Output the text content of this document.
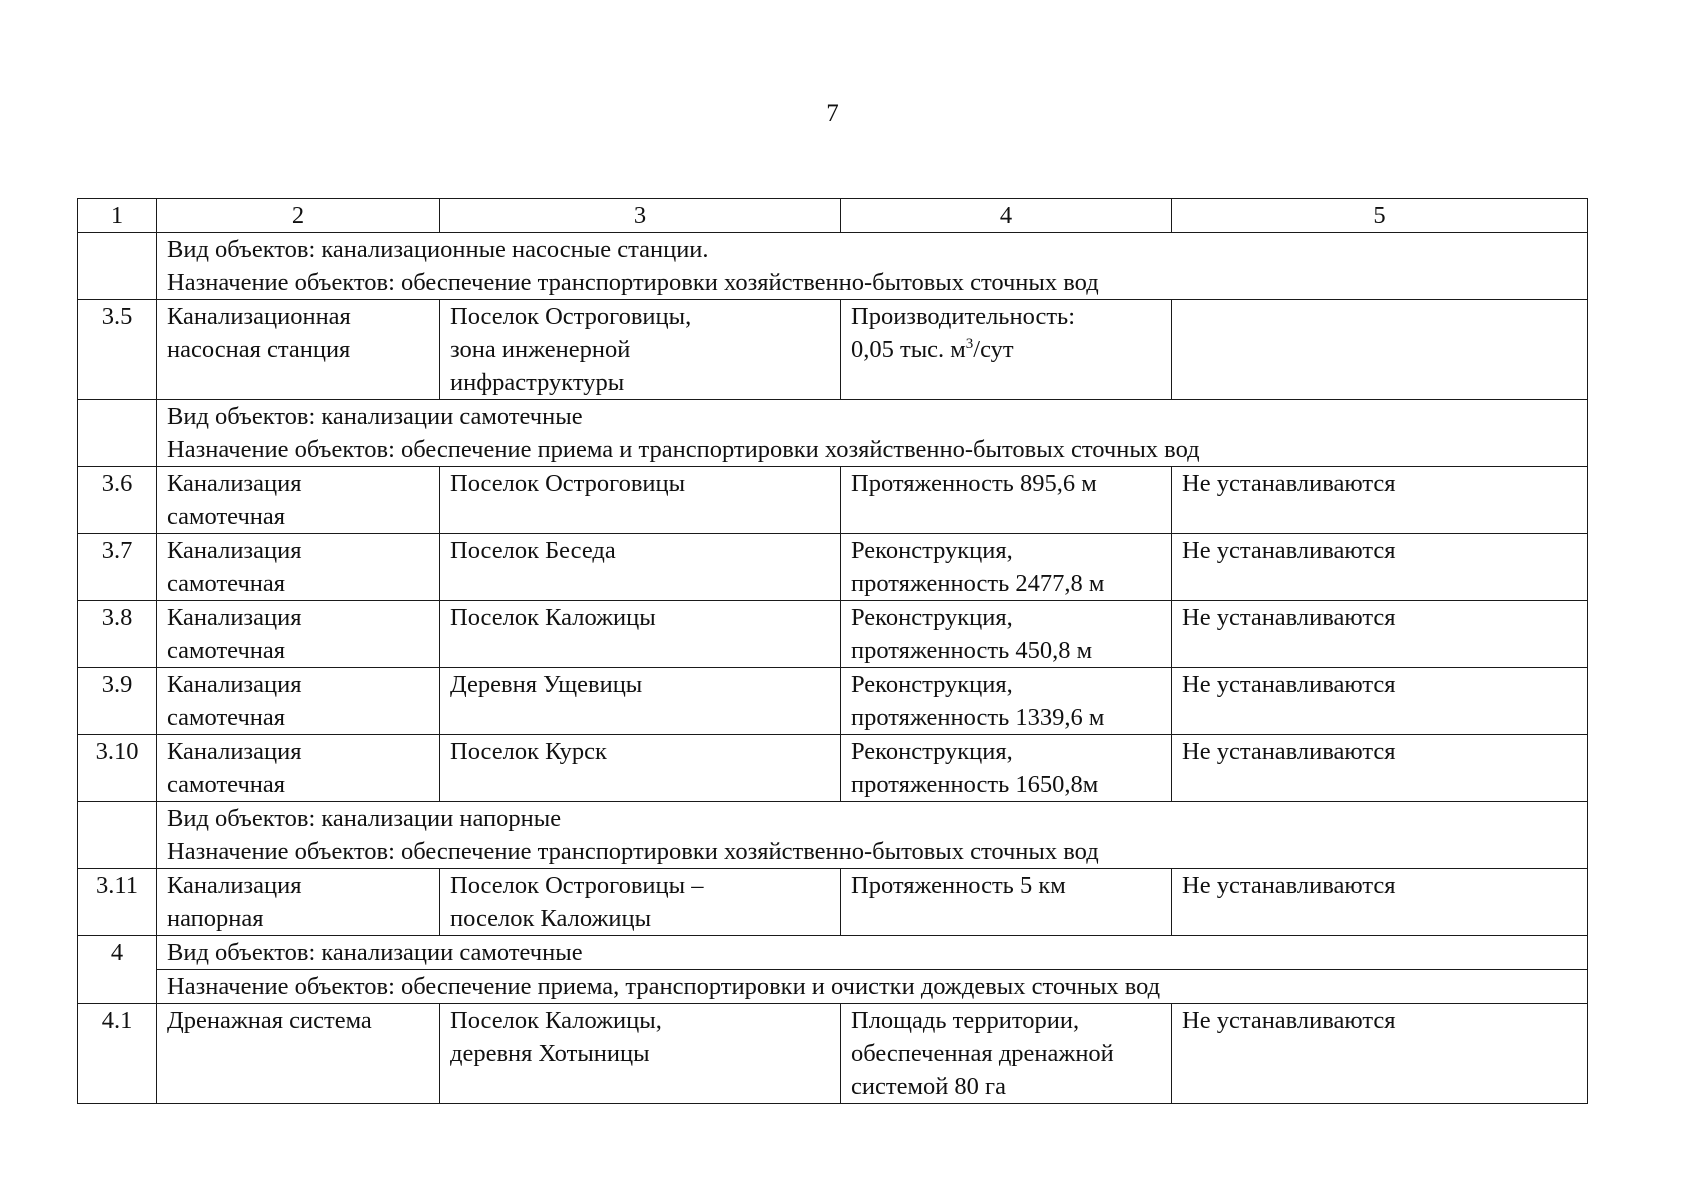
7
1	2	3	4	5

	Вид объектов: канализационные насосные станции.
Назначение объектов: обеспечение транспортировки хозяйственно-бытовых сточных вод			

3.5	Канализационная
насосная станция	Поселок Остроговицы,
зона инженерной
инфраструктуры	Производительность:
0,05 тыс. $м^3$/сут	

	Вид объектов: канализации самотечные
Назначение объектов: обеспечение приема и транспортировки хозяйственно-бытовых сточных вод			

3.6	Канализация
самотечная	Поселок Остроговицы	Протяженность 895,6 м	Не устанавливаются
3.7	Канализация
самотечная	Поселок Беседа	Реконструкция,
протяженность 2477,8 м	Не устанавливаются
3.8	Канализация
самотечная	Поселок Каложицы	Реконструкция,
протяженность 450,8 м	Не устанавливаются
3.9	Канализация
самотечная	Деревня Ущевицы	Реконструкция,
протяженность 1339,6 м	Не устанавливаются
3.10	Канализация
самотечная	Поселок Курск	Реконструкция,
протяженность 1650,8м	Не устанавливаются

	Вид объектов: канализации напорные
Назначение объектов: обеспечение транспортировки хозяйственно-бытовых сточных вод			

3.11	Канализация
напорная	Поселок Остроговицы –
поселок Каложицы	Протяженность 5 км	Не устанавливаются
4	Вид объектов: канализации самотечные			
	Назначение объектов: обеспечение приема, транспортировки и очистки дождевых сточных вод			
4.1	Дренажная система	Поселок Каложицы,
деревня Хотыницы	Площадь территории,
обеспеченная дренажной
системой 80 га	Не устанавливаются
